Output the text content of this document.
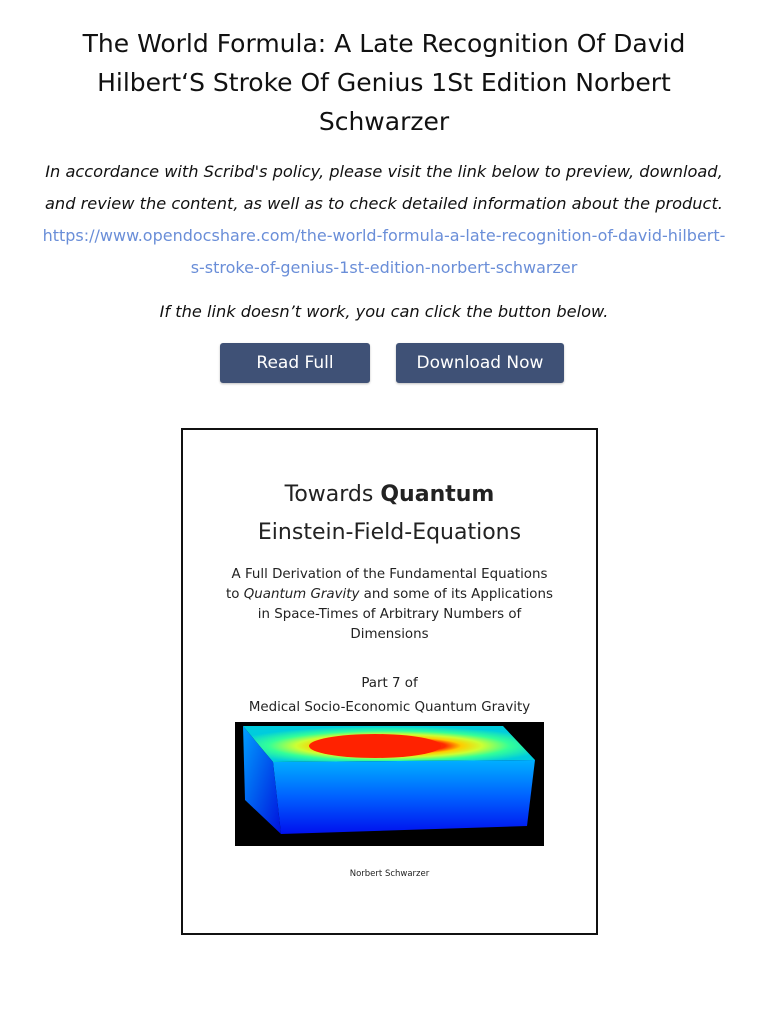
The World Formula: A Late Recognition Of David Hilbert‘S Stroke Of Genius 1St Edition Norbert Schwarzer
In accordance with Scribd's policy, please visit the link below to preview, download, and review the content, as well as to check detailed information about the product.
https://www.opendocshare.com/the-world-formula-a-late-recognition-of-david-hilbert-s-stroke-of-genius-1st-edition-norbert-schwarzer
If the link doesn’t work, you can click the button below.
Read Full	Download Now
Towards Quantum
Einstein-Field-Equations
A Full Derivation of the Fundamental Equations to Quantum Gravity and some of its Applications in Space-Times of Arbitrary Numbers of Dimensions
Part 7 of
Medical Socio-Economic Quantum Gravity
Norbert Schwarzer
